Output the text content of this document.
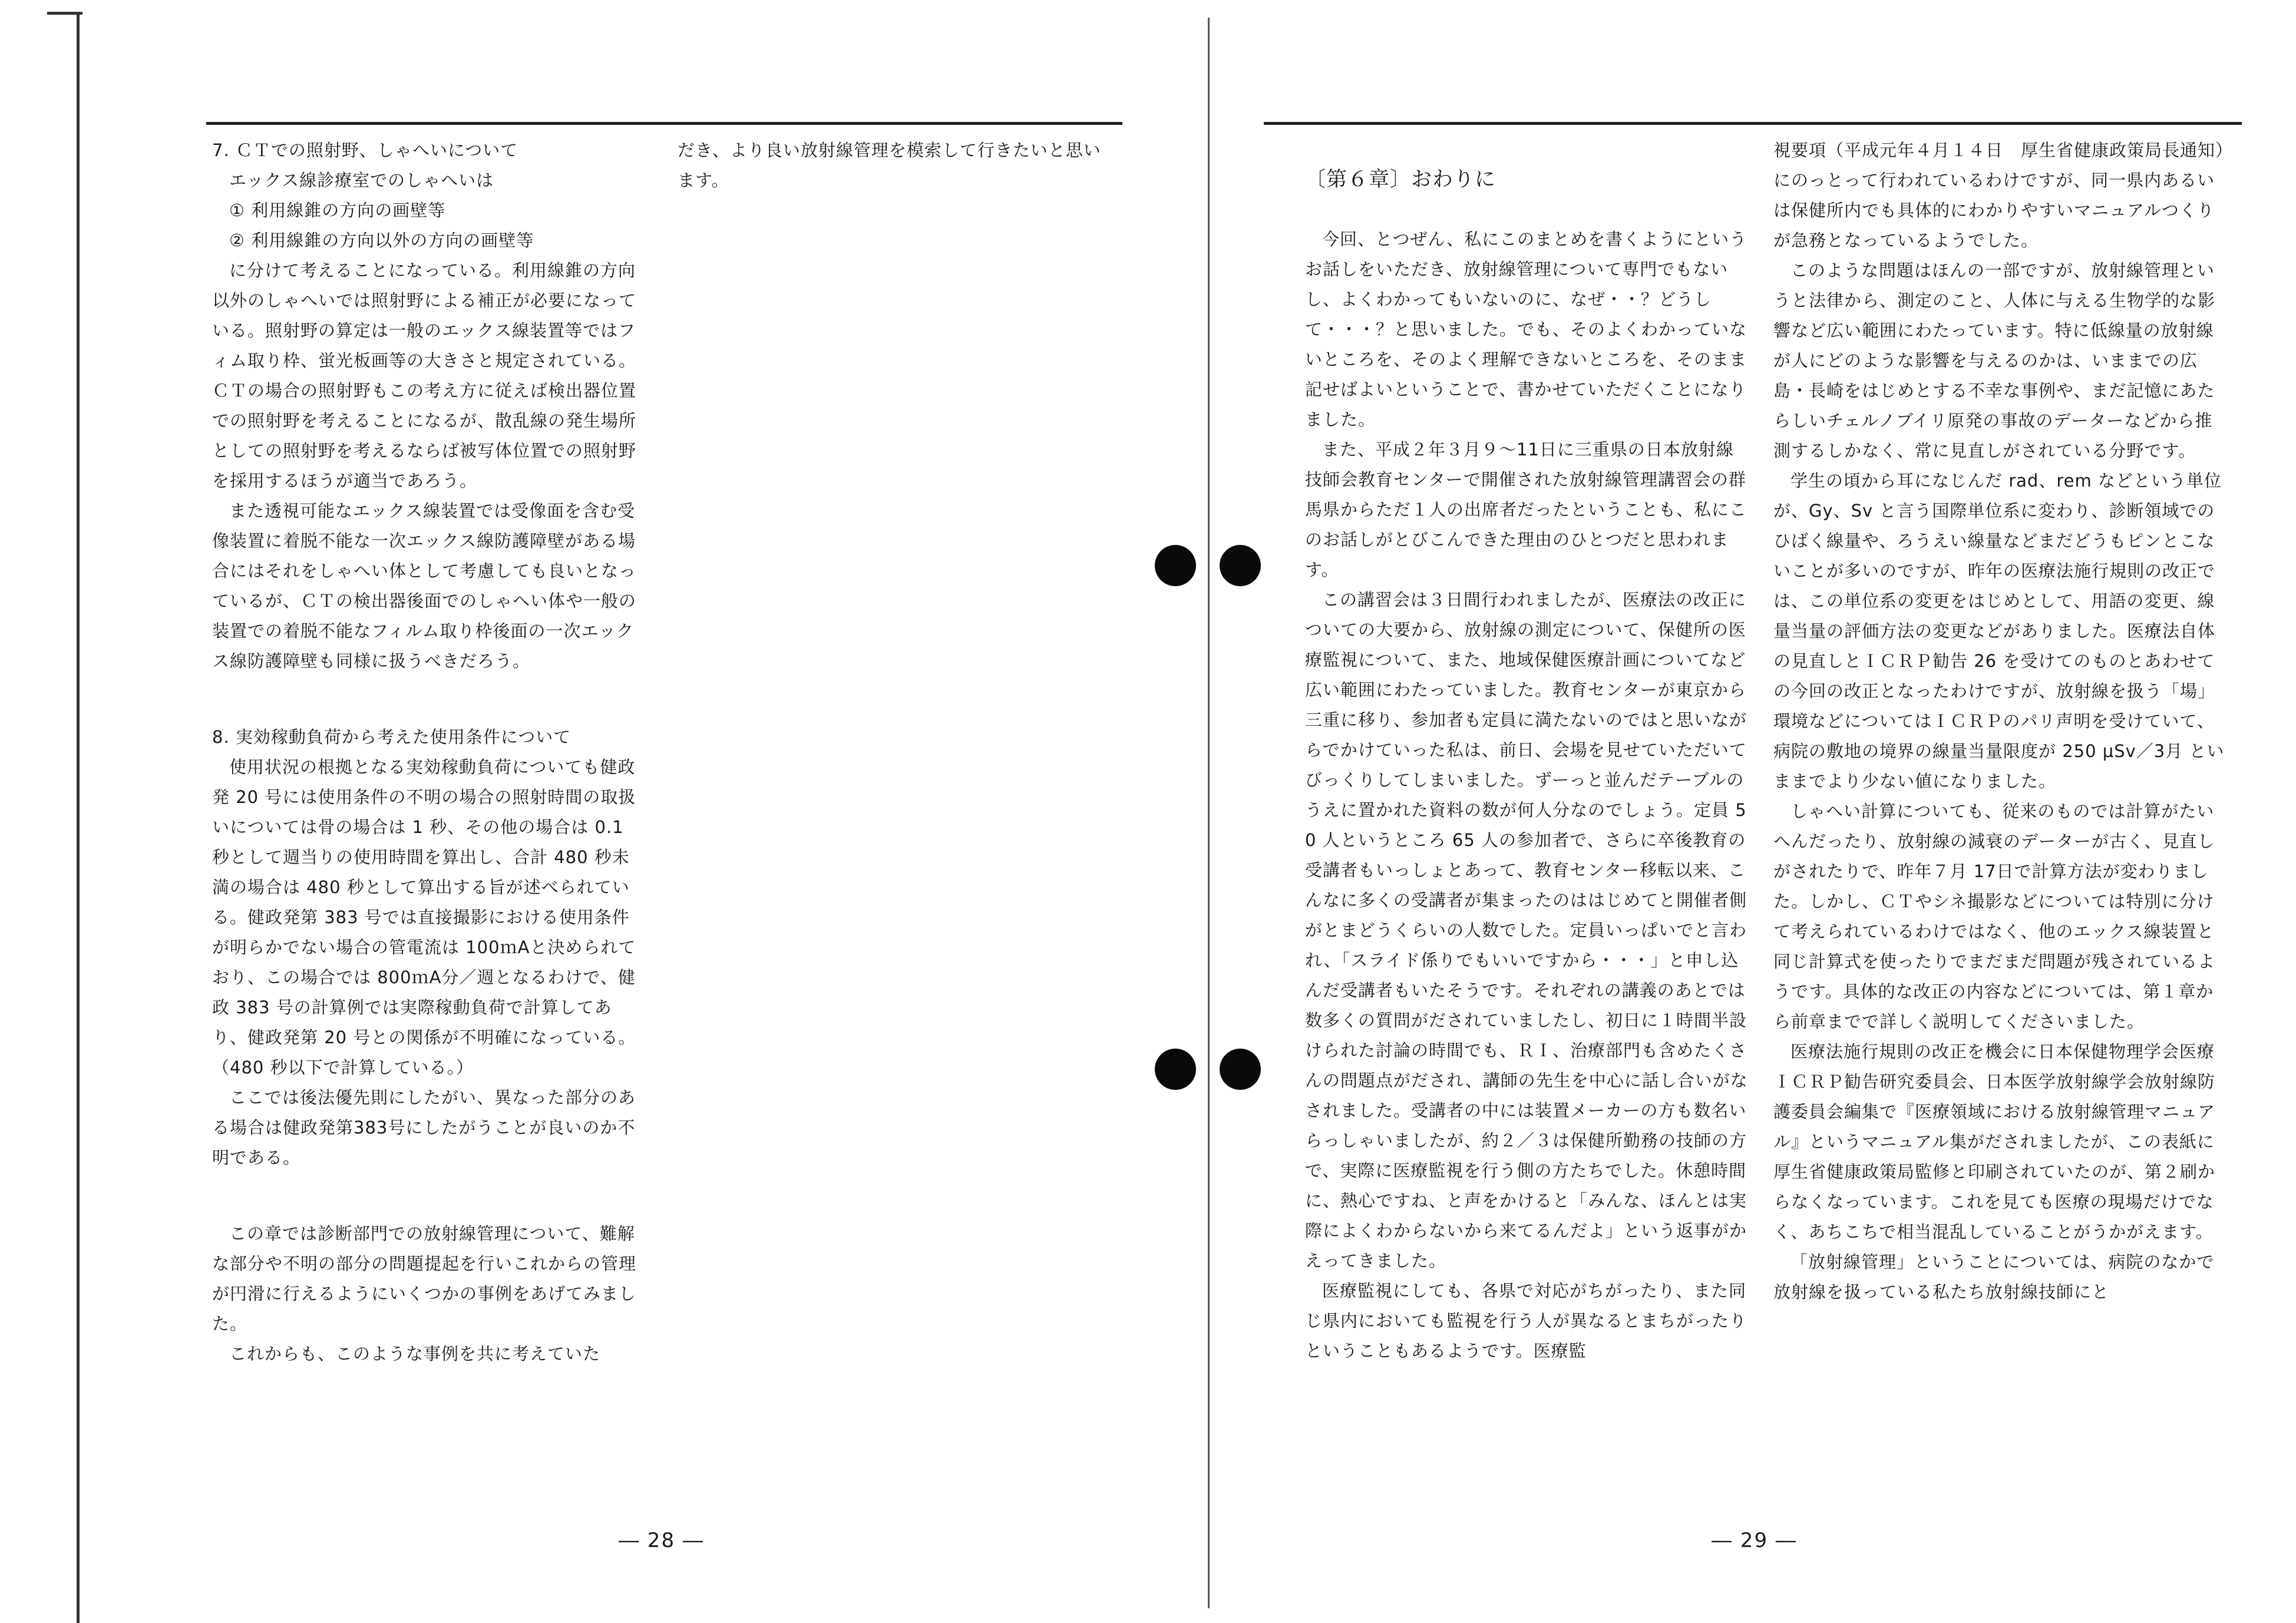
7. ＣＴでの照射野、しゃへいについて

エックス線診療室でのしゃへいは

① 利用線錐の方向の画壁等

② 利用線錐の方向以外の方向の画壁等

に分けて考えることになっている。利用線錐の方向以外のしゃへいでは照射野による補正が必要になっている。照射野の算定は一般のエックス線装置等ではフィム取り枠、蛍光板画等の大きさと規定されている。ＣＴの場合の照射野もこの考え方に従えば検出器位置での照射野を考えることになるが、散乱線の発生場所としての照射野を考えるならば被写体位置での照射野を採用するほうが適当であろう。

また透視可能なエックス線装置では受像面を含む受像装置に着脱不能な一次エックス線防護障壁がある場合にはそれをしゃへい体として考慮しても良いとなっているが、ＣＴの検出器後面でのしゃへい体や一般の装置での着脱不能なフィルム取り枠後面の一次エックス線防護障壁も同様に扱うべきだろう。

8. 実効稼動負荷から考えた使用条件について

使用状況の根拠となる実効稼動負荷についても健政発 20 号には使用条件の不明の場合の照射時間の取扱いについては骨の場合は 1 秒、その他の場合は 0.1 秒として週当りの使用時間を算出し、合計 480 秒未満の場合は 480 秒として算出する旨が述べられている。健政発第 383 号では直接撮影における使用条件が明らかでない場合の管電流は 100ｍAと決められており、この場合では 800ｍA分／週となるわけで、健政 383 号の計算例では実際稼動負荷で計算してあり、健政発第 20 号との関係が不明確になっている。（480 秒以下で計算している。）

ここでは後法優先則にしたがい、異なった部分のある場合は健政発第383号にしたがうことが良いのか不明である。

この章では診断部門での放射線管理について、難解な部分や不明の部分の問題提起を行いこれからの管理が円滑に行えるようにいくつかの事例をあげてみました。

これからも、このような事例を共に考えていた

だき、より良い放射線管理を模索して行きたいと思います。

― 28 ―

〔第６章〕おわりに

今回、とつぜん、私にこのまとめを書くようにというお話しをいただき、放射線管理について専門でもないし、よくわかってもいないのに、なぜ・・？どうして・・・？と思いました。でも、そのよくわかっていないところを、そのよく理解できないところを、そのまま記せばよいということで、書かせていただくことになりました。

また、平成２年３月９～11日に三重県の日本放射線技師会教育センターで開催された放射線管理講習会の群馬県からただ１人の出席者だったということも、私にこのお話しがとびこんできた理由のひとつだと思われます。

この講習会は３日間行われましたが、医療法の改正についての大要から、放射線の測定について、保健所の医療監視について、また、地域保健医療計画についてなど広い範囲にわたっていました。教育センターが東京から三重に移り、参加者も定員に満たないのではと思いながらでかけていった私は、前日、会場を見せていただいてびっくりしてしまいました。ずーっと並んだテーブルのうえに置かれた資料の数が何人分なのでしょう。定員 50 人というところ 65 人の参加者で、さらに卒後教育の受講者もいっしょとあって、教育センター移転以来、こんなに多くの受講者が集まったのははじめてと開催者側がとまどうくらいの人数でした。定員いっぱいでと言われ、「スライド係りでもいいですから・・・」と申し込んだ受講者もいたそうです。それぞれの講義のあとでは数多くの質問がだされていましたし、初日に１時間半設けられた討論の時間でも、ＲＩ、治療部門も含めたくさんの問題点がだされ、講師の先生を中心に話し合いがなされました。受講者の中には装置メーカーの方も数名いらっしゃいましたが、約２／３は保健所勤務の技師の方で、実際に医療監視を行う側の方たちでした。休憩時間に、熱心ですね、と声をかけると「みんな、ほんとは実際によくわからないから来てるんだよ」という返事がかえってきました。

医療監視にしても、各県で対応がちがったり、また同じ県内においても監視を行う人が異なるとまちがったりということもあるようです。医療監

視要項（平成元年４月１４日　厚生省健康政策局長通知）にのっとって行われているわけですが、同一県内あるいは保健所内でも具体的にわかりやすいマニュアルつくりが急務となっているようでした。

このような問題はほんの一部ですが、放射線管理というと法律から、測定のこと、人体に与える生物学的な影響など広い範囲にわたっています。特に低線量の放射線が人にどのような影響を与えるのかは、いままでの広島・長崎をはじめとする不幸な事例や、まだ記憶にあたらしいチェルノブイリ原発の事故のデーターなどから推測するしかなく、常に見直しがされている分野です。

学生の頃から耳になじんだ rad、rem などという単位が、Gy、Sv と言う国際単位系に変わり、診断領域でのひばく線量や、ろうえい線量などまだどうもピンとこないことが多いのですが、昨年の医療法施行規則の改正では、この単位系の変更をはじめとして、用語の変更、線量当量の評価方法の変更などがありました。医療法自体の見直しとＩＣＲＰ勧告 26 を受けてのものとあわせての今回の改正となったわけですが、放射線を扱う「場」環境などについてはＩＣＲＰのパリ声明を受けていて、病院の敷地の境界の線量当量限度が 250 μSv／3月 といままでより少ない値になりました。

しゃへい計算についても、従来のものでは計算がたいへんだったり、放射線の減衰のデーターが古く、見直しがされたりで、昨年７月 17日で計算方法が変わりました。しかし、ＣＴやシネ撮影などについては特別に分けて考えられているわけではなく、他のエックス線装置と同じ計算式を使ったりでまだまだ問題が残されているようです。具体的な改正の内容などについては、第１章から前章までで詳しく説明してくださいました。

医療法施行規則の改正を機会に日本保健物理学会医療ＩＣＲＰ勧告研究委員会、日本医学放射線学会放射線防護委員会編集で『医療領域における放射線管理マニュアル』というマニュアル集がだされましたが、この表紙に厚生省健康政策局監修と印刷されていたのが、第２刷からなくなっています。これを見ても医療の現場だけでなく、あちこちで相当混乱していることがうかがえます。

「放射線管理」ということについては、病院のなかで放射線を扱っている私たち放射線技師にと

― 29 ―
